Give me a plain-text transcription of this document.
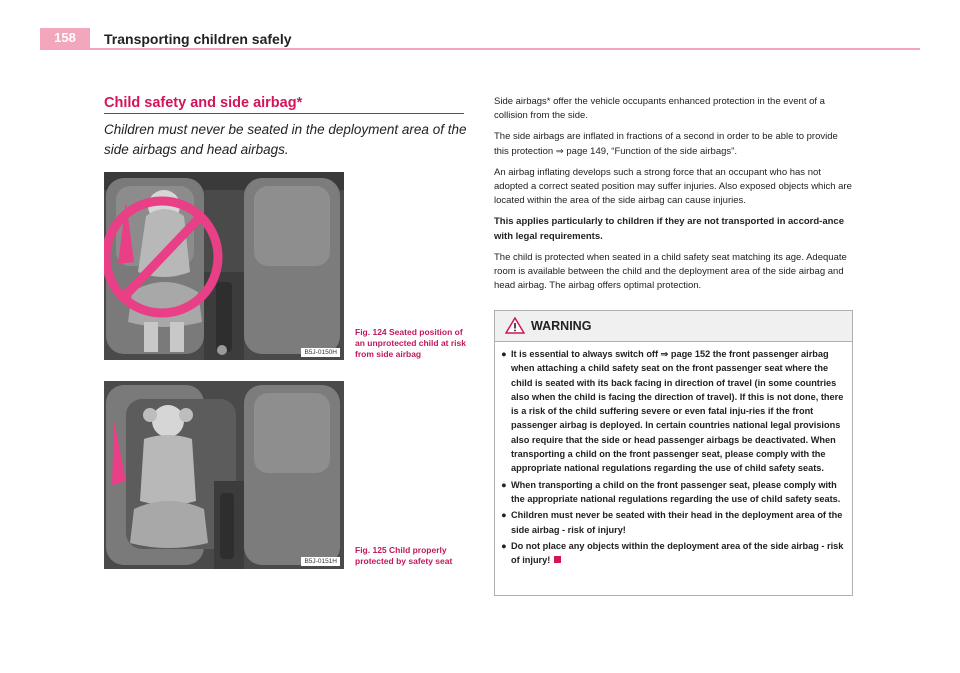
158	Transporting children safely
Child safety and side airbag*
Children must never be seated in the deployment area of the side airbags and head airbags.
B5J-0150H
Fig. 124 Seated position of an unprotected child at risk from side airbag
B5J-0151H
Fig. 125 Child properly protected by safety seat

Side airbags* offer the vehicle occupants enhanced protection in the event of a collision from the side.

The side airbags are inflated in fractions of a second in order to be able to provide this protection ⇒ page 149, “Function of the side airbags”.

An airbag inflating develops such a strong force that an occupant who has not adopted a correct seated position may suffer injuries. Also exposed objects which are located within the area of the side airbag can cause injuries.

This applies particularly to children if they are not transported in accord-ance with legal requirements.

The child is protected when seated in a child safety seat matching its age. Adequate room is available between the child and the deployment area of the side airbag and head airbag. The airbag offers optimal protection.

WARNING
● It is essential to always switch off ⇒ page 152 the front passenger airbag when attaching a child safety seat on the front passenger seat where the child is seated with its back facing in direction of travel (in some countries also when the child is facing the direction of travel). If this is not done, there is a risk of the child suffering severe or even fatal inju-ries if the front passenger airbag is deployed. In certain countries national legal provisions also require that the side or head passenger airbags be deactivated. When transporting a child on the front passenger seat, please comply with the appropriate national regulations regarding the use of child safety seats.
● When transporting a child on the front passenger seat, please comply with the appropriate national regulations regarding the use of child safety seats.
● Children must never be seated with their head in the deployment area of the side airbag - risk of injury!
● Do not place any objects within the deployment area of the side airbag - risk of injury!
